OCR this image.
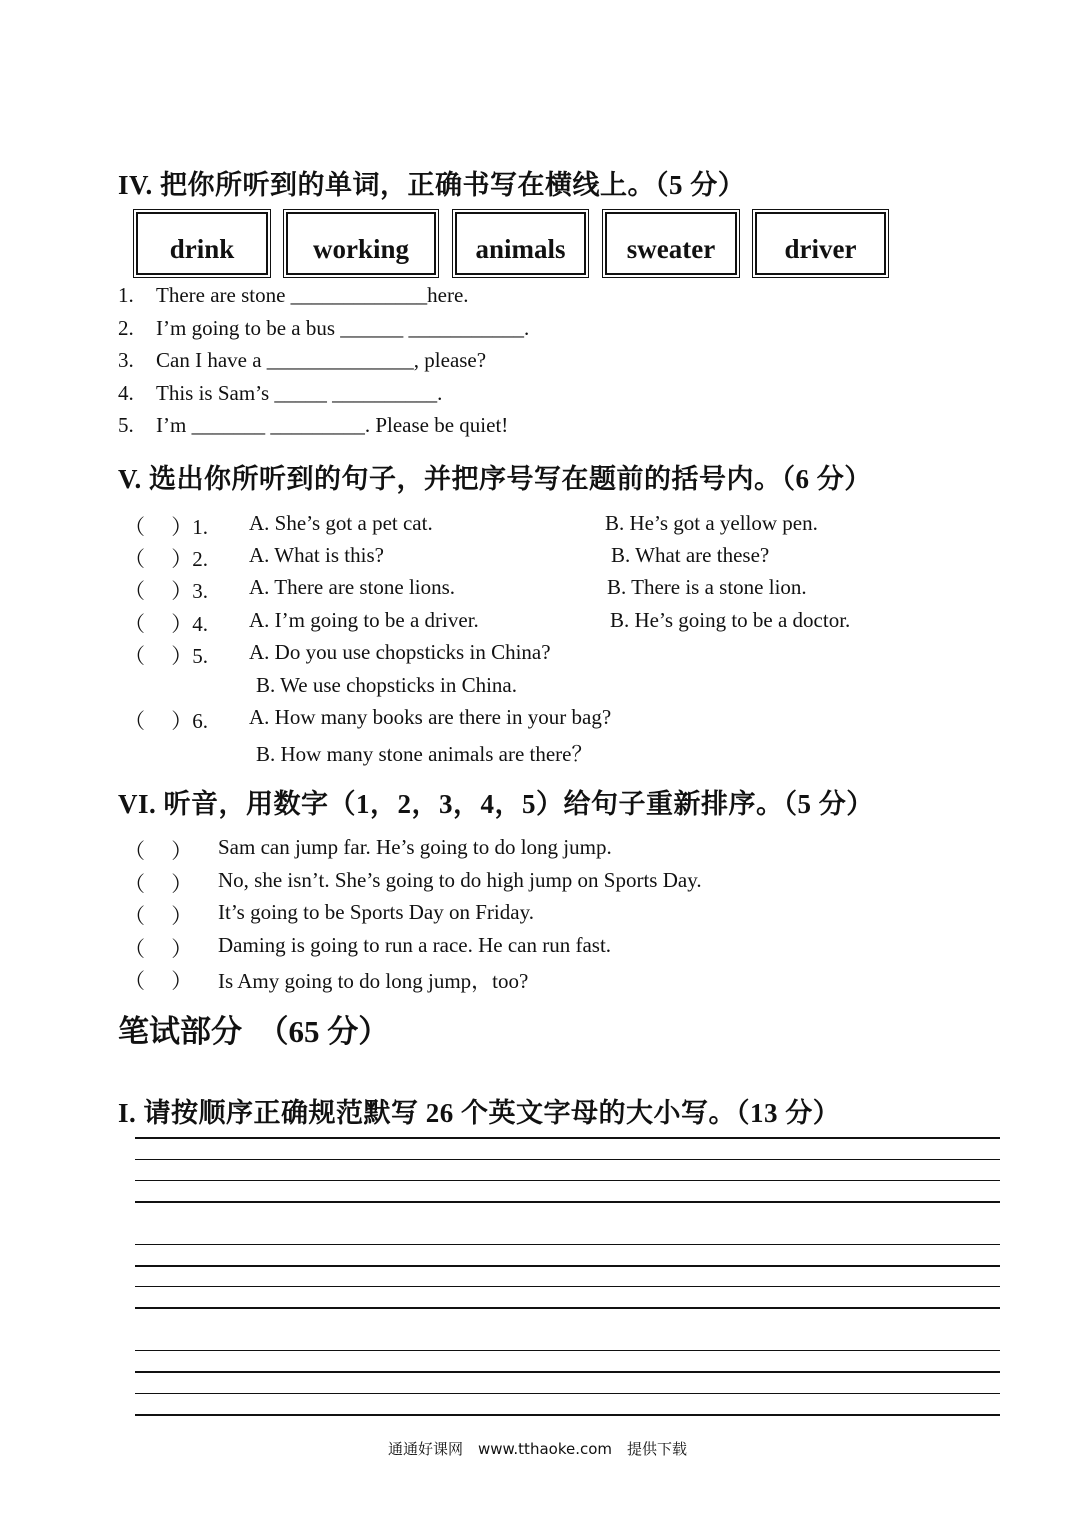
IV. 把你所听到的单词，正确书写在横线上。（5 分）
drink	working	animals	sweater	driver
1. There are stone _____________here.
2. I’m going to be a bus ______ ___________.
3. Can I have a ______________, please?
4. This is Sam’s _____ __________.
5. I’m _______ _________. Please be quiet!
V. 选出你所听到的句子，并把序号写在题前的括号内。（6 分）
（　 ）1. A. She’s got a pet cat.	B. He’s got a yellow pen.
（　 ）2. A. What is this?	B. What are these?
（　 ）3. A. There are stone lions.	B. There is a stone lion.
（　 ）4. A. I’m going to be a driver.	B. He’s going to be a doctor.
（　 ）5. A. Do you use chopsticks in China?
B. We use chopsticks in China.
（　 ）6. A. How many books are there in your bag?
B. How many stone animals are there？
VI. 听音，用数字（1，2，3，4，5）给句子重新排序。（5 分）
（　 ） Sam can jump far. He’s going to do long jump.
（　 ） No, she isn’t. She’s going to do high jump on Sports Day.
（　 ） It’s going to be Sports Day on Friday.
（　 ） Daming is going to run a race. He can run fast.
（　 ） Is Amy going to do long jump，too?
笔试部分　（65 分）
I. 请按顺序正确规范默写 26 个英文字母的大小写。（13 分）
通通好课网　www.tthaoke.com　提供下载
